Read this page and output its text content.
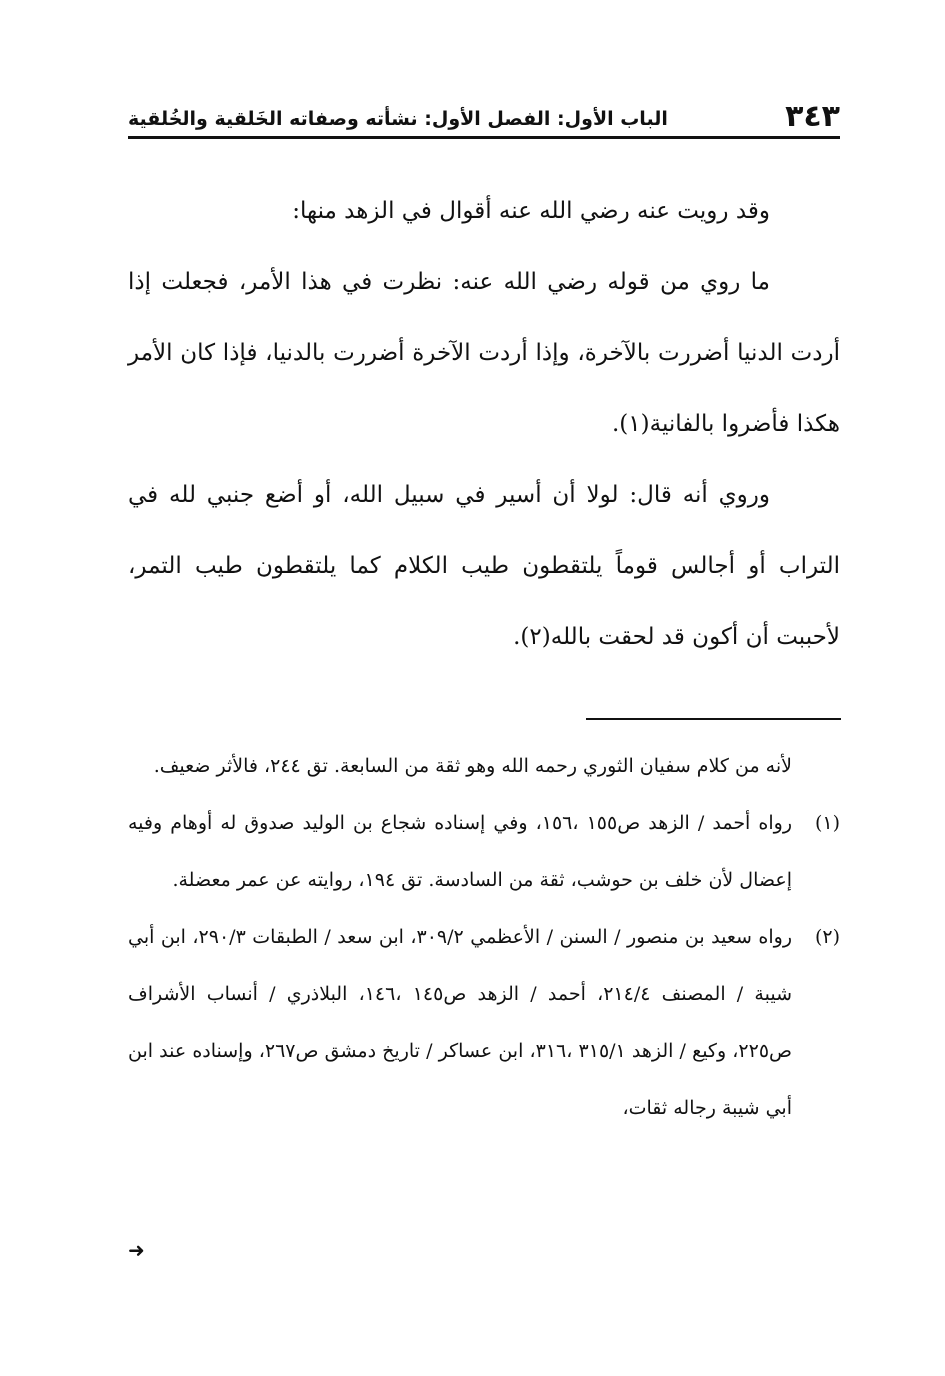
٣٤٣
الباب الأول: الفصل الأول: نشأته وصفاته الخَلقية والخُلقية

وقد رويت عنه رضي الله عنه أقوال في الزهد منها:

ما روي من قوله رضي الله عنه: نظرت في هذا الأمر، فجعلت إذا أردت الدنيا أضررت بالآخرة، وإذا أردت الآخرة أضررت بالدنيا، فإذا كان الأمر هكذا فأضروا بالفانية(١).

وروي أنه قال: لولا أن أسير في سبيل الله، أو أضع جنبي لله في التراب أو أجالس قوماً يلتقطون طيب الكلام كما يلتقطون طيب التمر، لأحببت أن أكون قد لحقت بالله(٢).

لأنه من كلام سفيان الثوري رحمه الله وهو ثقة من السابعة. تق ٢٤٤، فالأثر ضعيف.

(١)
رواه أحمد / الزهد ص١٥٥ ،١٥٦، وفي إسناده شجاع بن الوليد صدوق له أوهام وفيه إعضال لأن خلف بن حوشب، ثقة من السادسة. تق ١٩٤، روايته عن عمر معضلة.

(٢)
رواه سعيد بن منصور / السنن / الأعظمي ٣٠٩/٢، ابن سعد / الطبقات ٢٩٠/٣، ابن أبي شيبة / المصنف ٢١٤/٤، أحمد / الزهد ص١٤٥ ،١٤٦، البلاذري / أنساب الأشراف ص٢٢٥، وكيع / الزهد ٣١٥/١ ،٣١٦، ابن عساكر / تاريخ دمشق ص٢٦٧، وإسناده عند ابن أبي شيبة رجاله ثقات،

➜
